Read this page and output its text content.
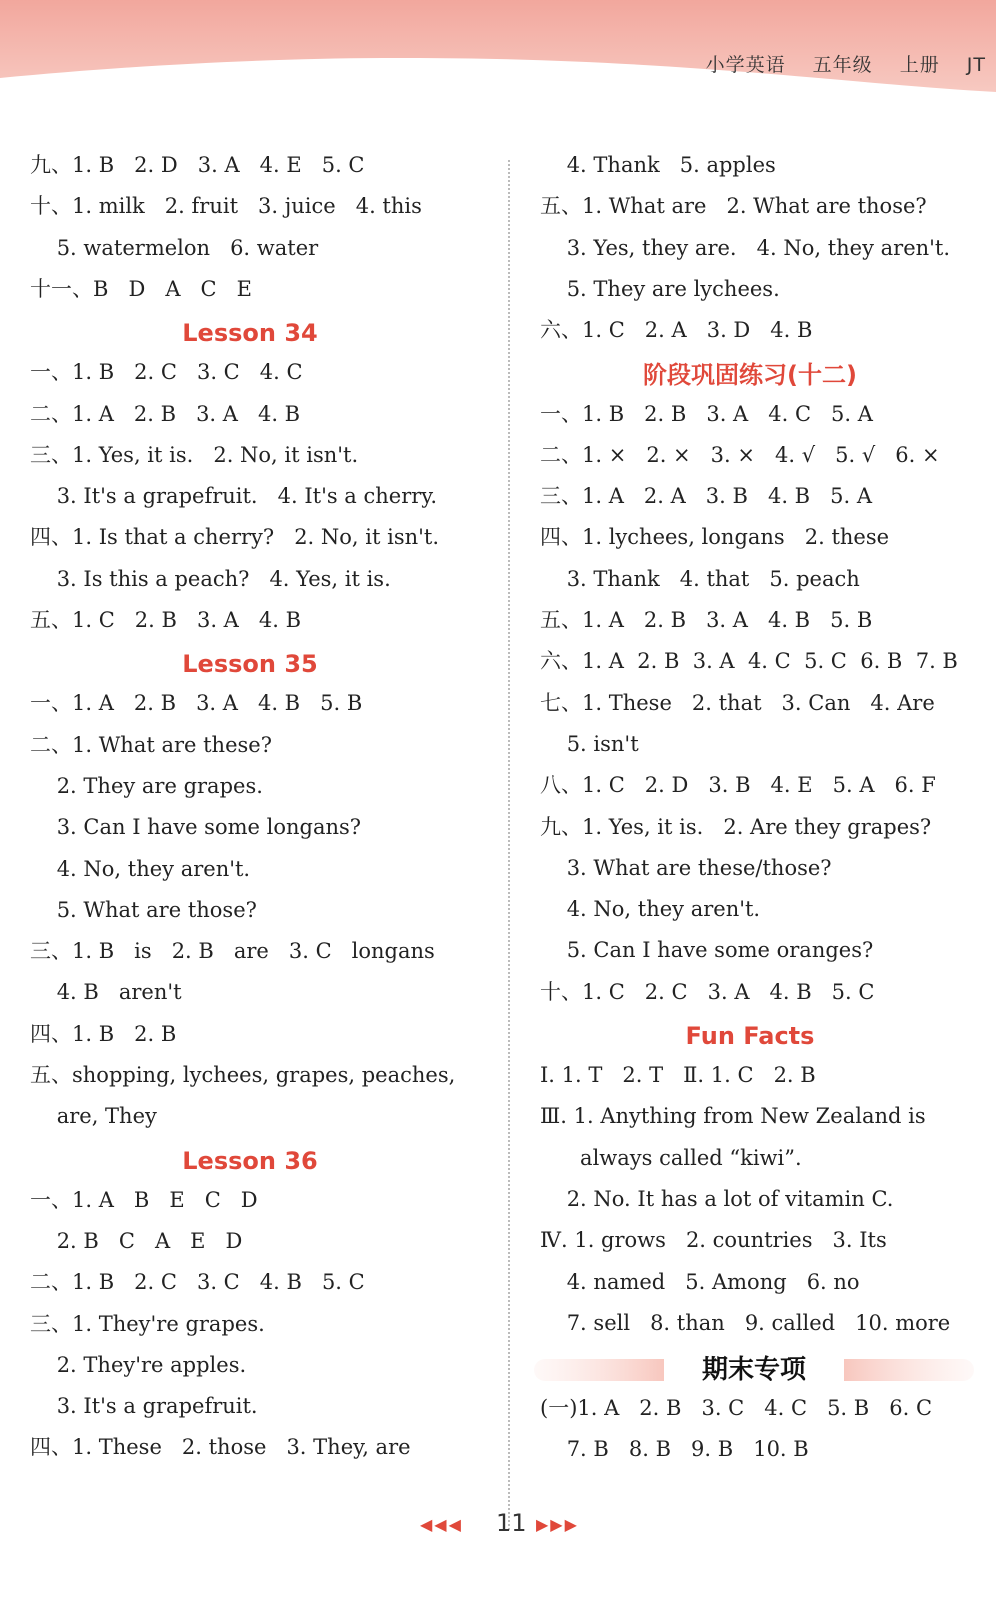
小学英语 五年级 上册 JT
九、1. B   2. D   3. A   4. E   5. C
十、1. milk   2. fruit   3. juice   4. this
5. watermelon   6. water
十一、B   D   A   C   E
Lesson 34
一、1. B   2. C   3. C   4. C
二、1. A   2. B   3. A   4. B
三、1. Yes, it is.   2. No, it isn't.
3. It's a grapefruit.   4. It's a cherry.
四、1. Is that a cherry?   2. No, it isn't.
3. Is this a peach?   4. Yes, it is.
五、1. C   2. B   3. A   4. B
Lesson 35
一、1. A   2. B   3. A   4. B   5. B
二、1. What are these?
2. They are grapes.
3. Can I have some longans?
4. No, they aren't.
5. What are those?
三、1. B   is   2. B   are   3. C   longans
4. B   aren't
四、1. B   2. B
五、shopping, lychees, grapes, peaches,
are, They
Lesson 36
一、1. A   B   E   C   D
2. B   C   A   E   D
二、1. B   2. C   3. C   4. B   5. C
三、1. They're grapes.
2. They're apples.
3. It's a grapefruit.
四、1. These   2. those   3. They, are
4. Thank   5. apples
五、1. What are   2. What are those?
3. Yes, they are.   4. No, they aren't.
5. They are lychees.
六、1. C   2. A   3. D   4. B
阶段巩固练习(十二)
一、1. B   2. B   3. A   4. C   5. A
二、1. ×   2. ×   3. ×   4. √   5. √   6. ×
三、1. A   2. A   3. B   4. B   5. A
四、1. lychees, longans   2. these
3. Thank   4. that   5. peach
五、1. A   2. B   3. A   4. B   5. B
六、1. A  2. B  3. A  4. C  5. C  6. B  7. B
七、1. These   2. that   3. Can   4. Are
5. isn't
八、1. C   2. D   3. B   4. E   5. A   6. F
九、1. Yes, it is.   2. Are they grapes?
3. What are these/those?
4. No, they aren't.
5. Can I have some oranges?
十、1. C   2. C   3. A   4. B   5. C
Fun Facts
Ⅰ. 1. T   2. T   Ⅱ. 1. C   2. B
Ⅲ. 1. Anything from New Zealand is
always called “kiwi”.
2. No. It has a lot of vitamin C.
Ⅳ. 1. grows   2. countries   3. Its
4. named   5. Among   6. no
7. sell   8. than   9. called   10. more
期末专项
(一)1. A   2. B   3. C   4. C   5. B   6. C
7. B   8. B   9. B   10. B
◀◀◀ 11 ▶▶▶
